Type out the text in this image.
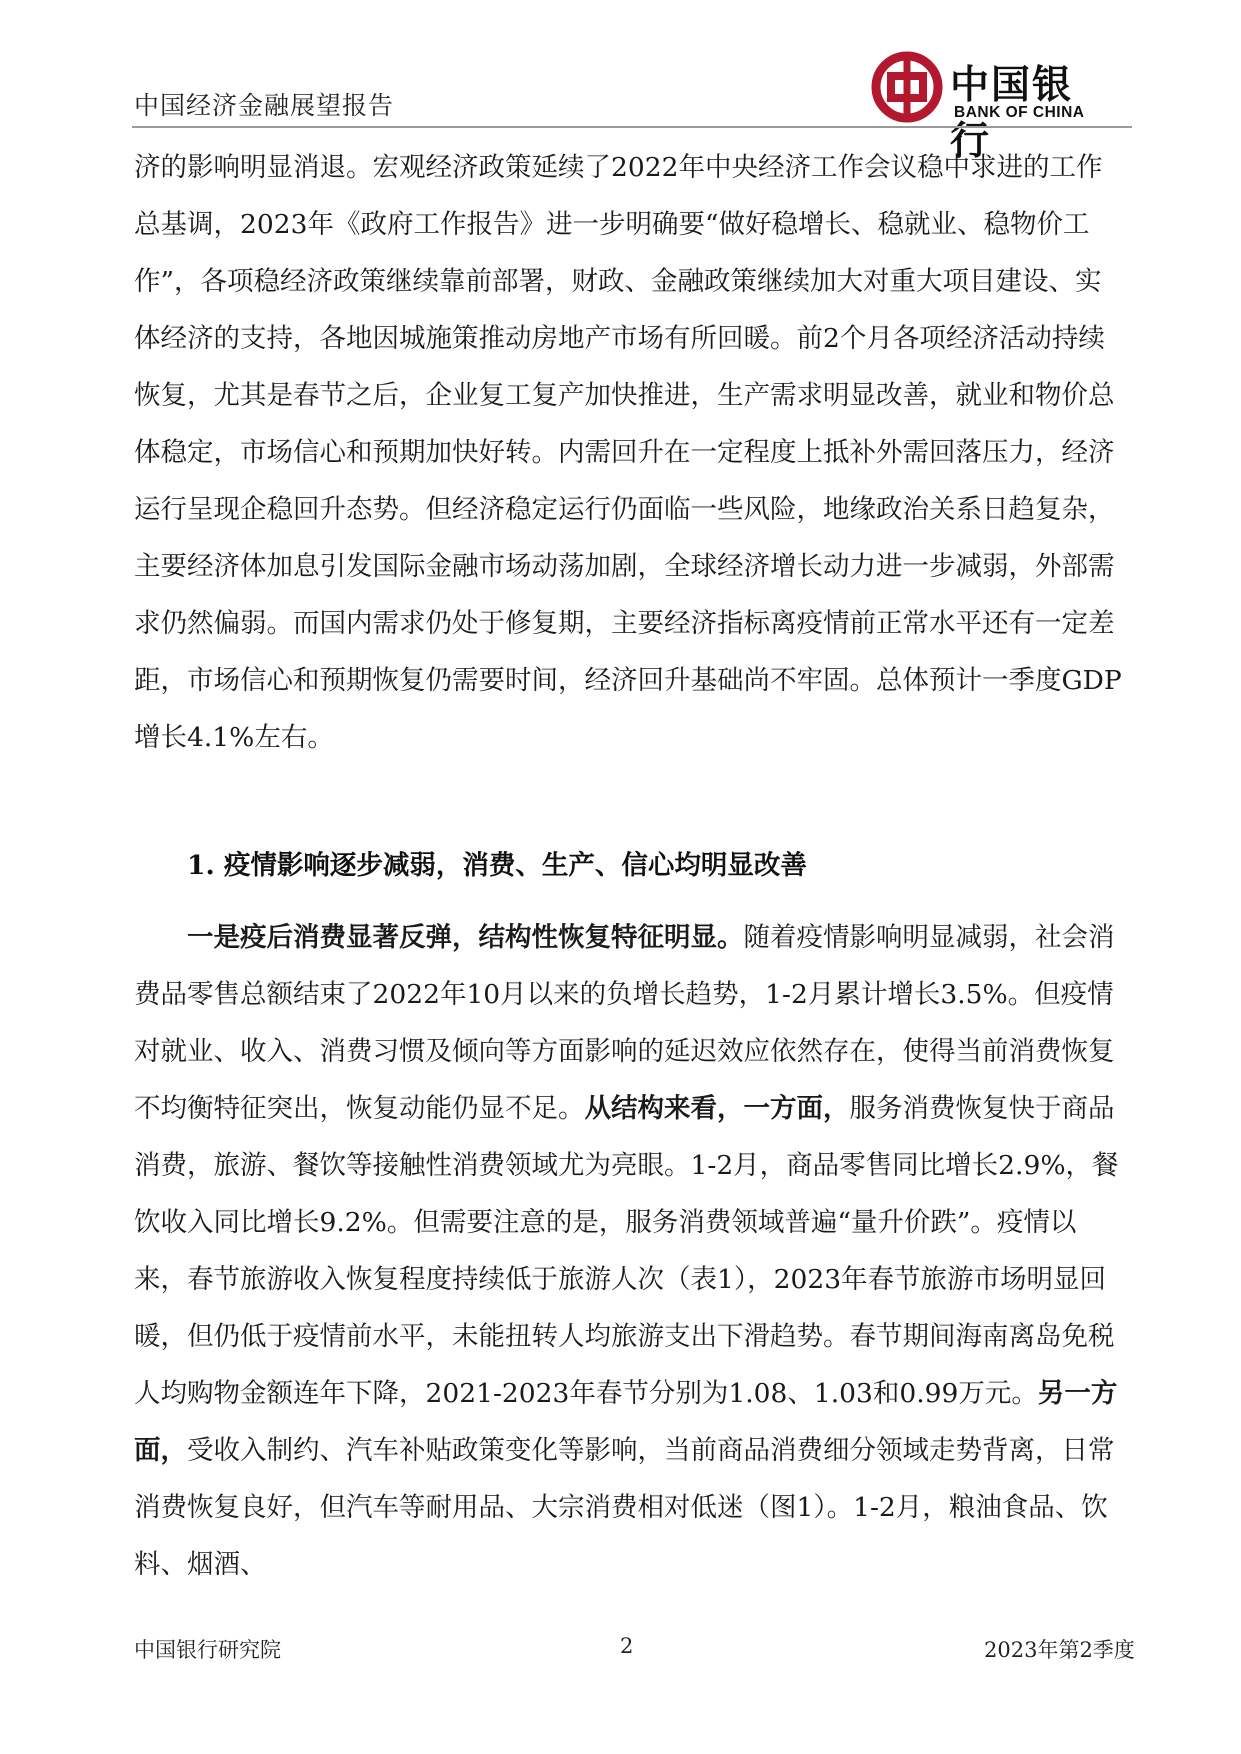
中国经济金融展望报告	中国银行
BANK OF CHINA

济的影响明显消退。宏观经济政策延续了2022年中央经济工作会议稳中求进的工作总基调，2023年《政府工作报告》进一步明确要“做好稳增长、稳就业、稳物价工作”，各项稳经济政策继续靠前部署，财政、金融政策继续加大对重大项目建设、实体经济的支持，各地因城施策推动房地产市场有所回暖。前2个月各项经济活动持续恢复，尤其是春节之后，企业复工复产加快推进，生产需求明显改善，就业和物价总体稳定，市场信心和预期加快好转。内需回升在一定程度上抵补外需回落压力，经济运行呈现企稳回升态势。但经济稳定运行仍面临一些风险，地缘政治关系日趋复杂，主要经济体加息引发国际金融市场动荡加剧，全球经济增长动力进一步减弱，外部需求仍然偏弱。而国内需求仍处于修复期，主要经济指标离疫情前正常水平还有一定差距，市场信心和预期恢复仍需要时间，经济回升基础尚不牢固。总体预计一季度GDP增长4.1%左右。

1. 疫情影响逐步减弱，消费、生产、信心均明显改善

一是疫后消费显著反弹，结构性恢复特征明显。随着疫情影响明显减弱，社会消费品零售总额结束了2022年10月以来的负增长趋势，1-2月累计增长3.5%。但疫情对就业、收入、消费习惯及倾向等方面影响的延迟效应依然存在，使得当前消费恢复不均衡特征突出，恢复动能仍显不足。从结构来看，一方面，服务消费恢复快于商品消费，旅游、餐饮等接触性消费领域尤为亮眼。1-2月，商品零售同比增长2.9%，餐饮收入同比增长9.2%。但需要注意的是，服务消费领域普遍“量升价跌”。疫情以来，春节旅游收入恢复程度持续低于旅游人次（表1），2023年春节旅游市场明显回暖，但仍低于疫情前水平，未能扭转人均旅游支出下滑趋势。春节期间海南离岛免税人均购物金额连年下降，2021-2023年春节分别为1.08、1.03和0.99万元。另一方面，受收入制约、汽车补贴政策变化等影响，当前商品消费细分领域走势背离，日常消费恢复良好，但汽车等耐用品、大宗消费相对低迷（图1）。1-2月，粮油食品、饮料、烟酒、

中国银行研究院	2	2023年第2季度
